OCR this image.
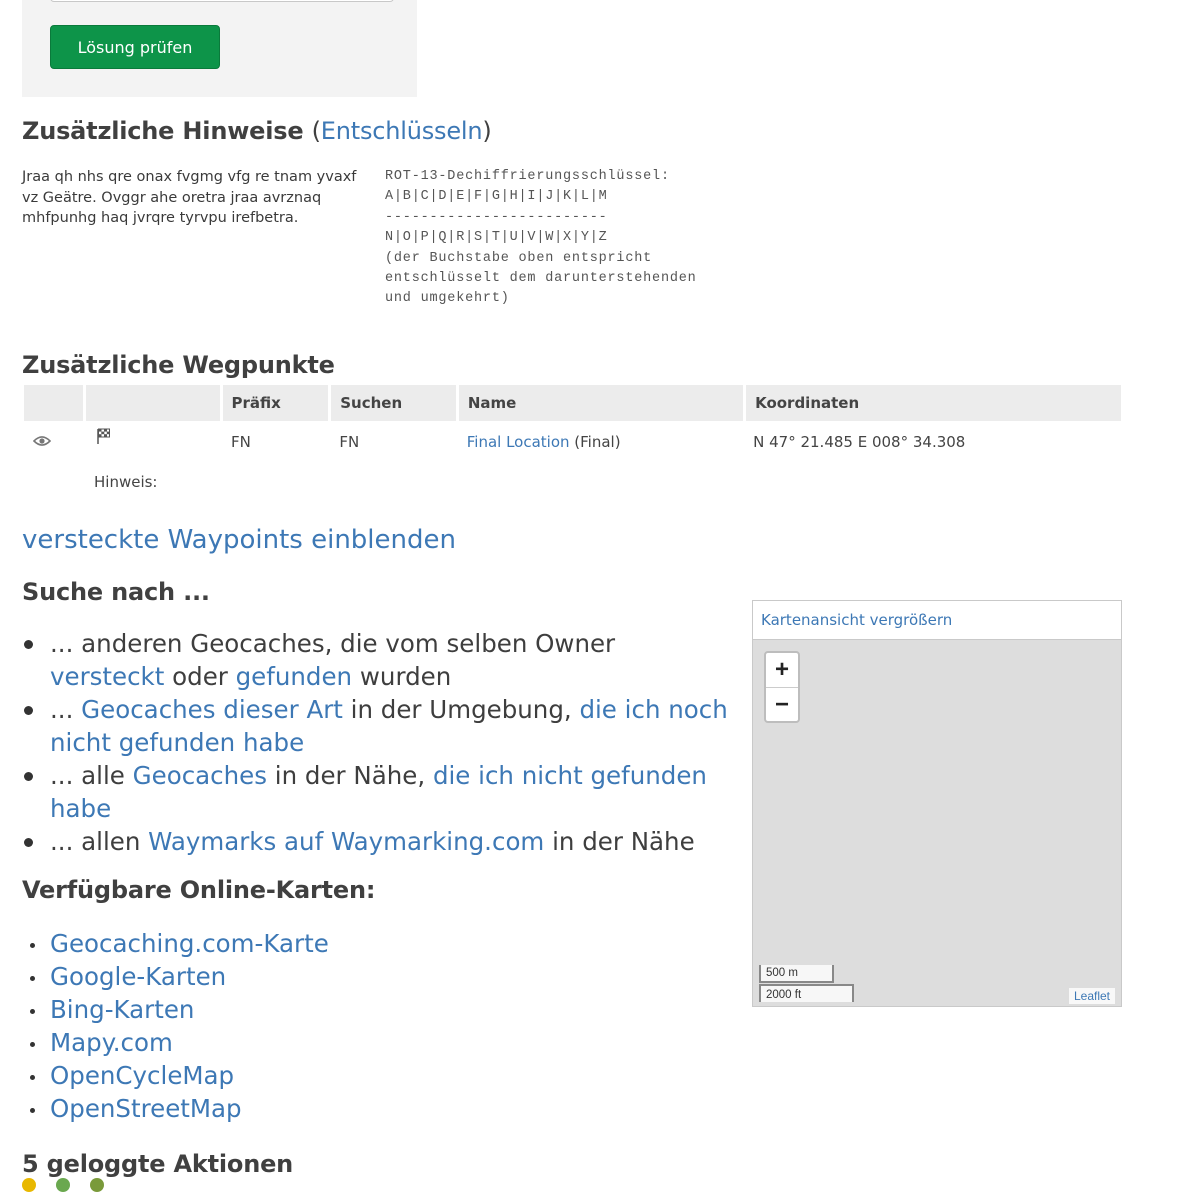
Lösung prüfen
Zusätzliche Hinweise (Entschlüsseln)
Jraa qh nhs qre onax fvgmg vfg re tnam yvaxf vz Geätre. Ovggr ahe oretra jraa avrznaq mhfpunhg haq jvrqre tyrvpu irefbetra.
ROT-13-Dechiffrierungsschlüssel:
A|B|C|D|E|F|G|H|I|J|K|L|M
-------------------------
N|O|P|Q|R|S|T|U|V|W|X|Y|Z
(der Buchstabe oben entspricht
entschlüsselt dem darunterstehenden
und umgekehrt)
Zusätzliche Wegpunkte
Präfix	Suchen	Name	Koordinaten
FN	FN	Final Location (Final)	N 47° 21.485 E 008° 34.308
Hinweis:
versteckte Waypoints einblenden
Suche nach ...
... anderen Geocaches, die vom selben Owner versteckt oder gefunden wurden
... Geocaches dieser Art in der Umgebung, die ich noch nicht gefunden habe
... alle Geocaches in der Nähe, die ich nicht gefunden habe
... allen Waymarks auf Waymarking.com in der Nähe
Verfügbare Online-Karten:
Geocaching.com-Karte
Google-Karten
Bing-Karten
Mapy.com
OpenCycleMap
OpenStreetMap
Kartenansicht vergrößern
+
−
500 m
2000 ft	Leaflet
5 geloggte Aktionen
